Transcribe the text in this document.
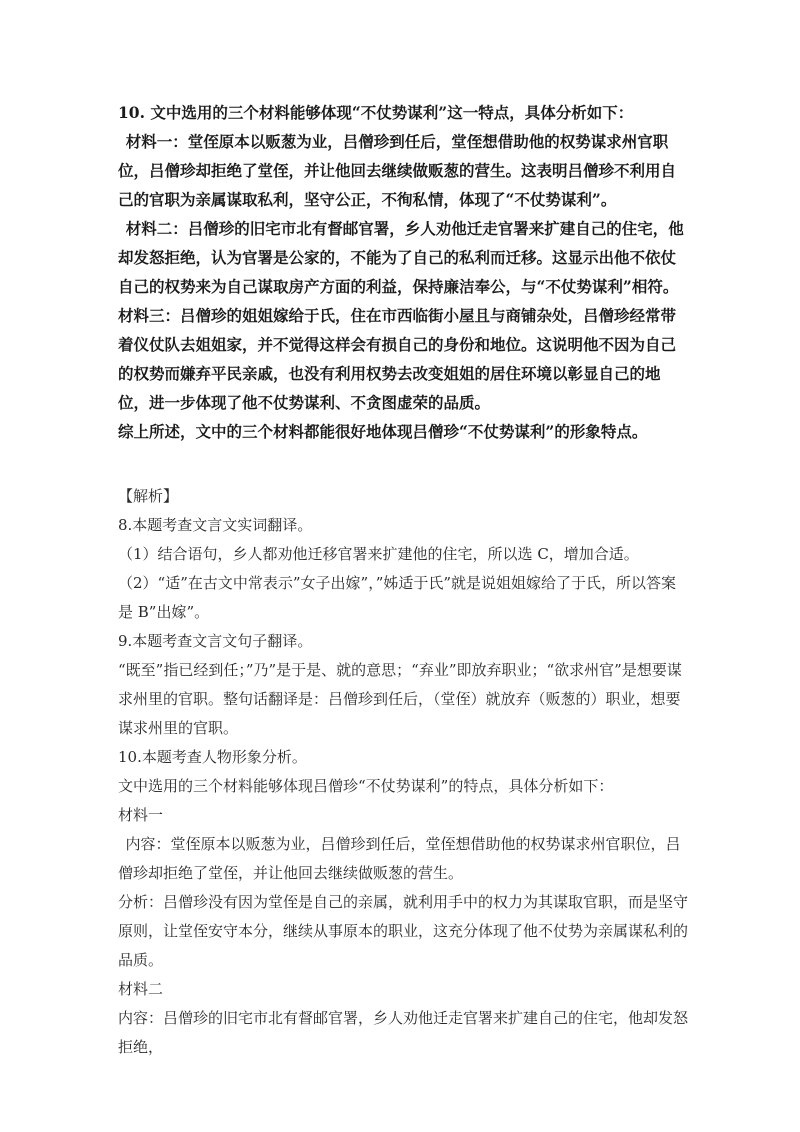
10. 文中选用的三个材料能够体现“不仗势谋利”这一特点，具体分析如下：

材料一：堂侄原本以贩葱为业，吕僧珍到任后，堂侄想借助他的权势谋求州官职位，吕僧珍却拒绝了堂侄，并让他回去继续做贩葱的营生。这表明吕僧珍不利用自己的官职为亲属谋取私利，坚守公正，不徇私情，体现了“不仗势谋利”。

材料二：吕僧珍的旧宅市北有督邮官署，乡人劝他迁走官署来扩建自己的住宅，他却发怒拒绝，认为官署是公家的，不能为了自己的私利而迁移。这显示出他不依仗自己的权势来为自己谋取房产方面的利益，保持廉洁奉公，与“不仗势谋利”相符。

材料三：吕僧珍的姐姐嫁给于氏，住在市西临街小屋且与商铺杂处，吕僧珍经常带着仪仗队去姐姐家，并不觉得这样会有损自己的身份和地位。这说明他不因为自己的权势而嫌弃平民亲戚，也没有利用权势去改变姐姐的居住环境以彰显自己的地位，进一步体现了他不仗势谋利、不贪图虚荣的品质。

综上所述，文中的三个材料都能很好地体现吕僧珍“不仗势谋利”的形象特点。

【解析】

8.本题考查文言文实词翻译。

（1）结合语句，乡人都劝他迁移官署来扩建他的住宅，所以选 C，增加合适。

（2）“适”在古文中常表示”女子出嫁”，”姊适于氏”就是说姐姐嫁给了于氏，所以答案是 B”出嫁”。

9.本题考查文言文句子翻译。

“既至”指已经到任；”乃”是于是、就的意思；“弃业”即放弃职业；“欲求州官”是想要谋求州里的官职。整句话翻译是：吕僧珍到任后，（堂侄）就放弃（贩葱的）职业，想要谋求州里的官职。

10.本题考查人物形象分析。

文中选用的三个材料能够体现吕僧珍“不仗势谋利”的特点，具体分析如下：

材料一

内容：堂侄原本以贩葱为业，吕僧珍到任后，堂侄想借助他的权势谋求州官职位，吕僧珍却拒绝了堂侄，并让他回去继续做贩葱的营生。

分析：吕僧珍没有因为堂侄是自己的亲属，就利用手中的权力为其谋取官职，而是坚守原则，让堂侄安守本分，继续从事原本的职业，这充分体现了他不仗势为亲属谋私利的品质。

材料二

内容：吕僧珍的旧宅市北有督邮官署，乡人劝他迁走官署来扩建自己的住宅，他却发怒拒绝，
